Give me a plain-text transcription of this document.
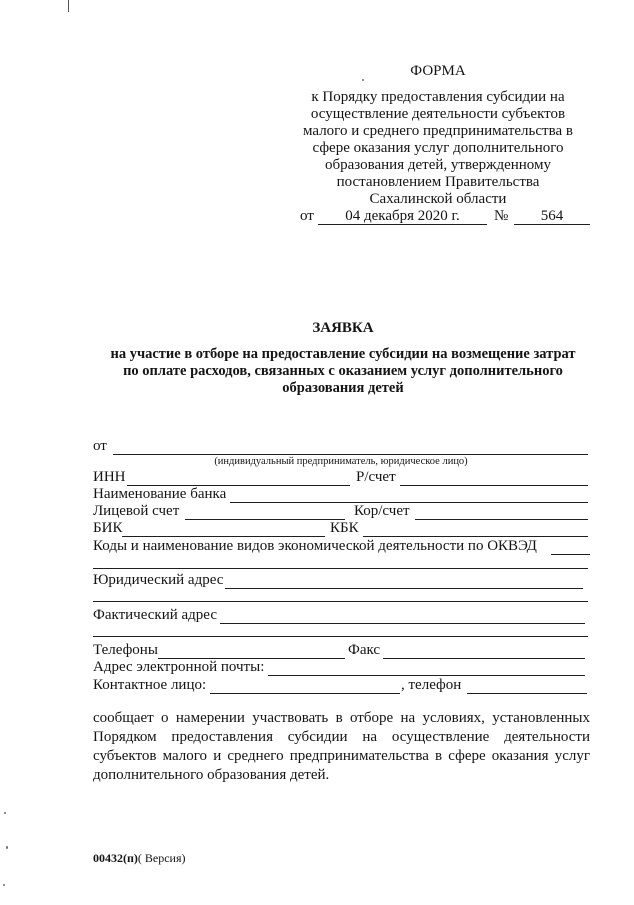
ФОРМА
к Порядку предоставления субсидии на
осуществление деятельности субъектов
малого и среднего предпринимательства в
сфере оказания услуг дополнительного
образования детей, утвержденному
постановлением Правительства
Сахалинской области
от	04 декабря 2020 г.	№	564
ЗАЯВКА
на участие в отборе на предоставление субсидии на возмещение затрат
по оплате расходов, связанных с оказанием услуг дополнительного
образования детей
от
(индивидуальный предприниматель, юридическое лицо)
ИНН	Р/счет
Наименование банка
Лицевой счет	Кор/счет
БИК	КБК
Коды и наименование видов экономической деятельности по ОКВЭД
Юридический адрес
Фактический адрес
Телефоны	Факс
Адрес электронной почты:
Контактное лицо:	, телефон
сообщает о намерении участвовать в отборе на условиях, установленных
Порядком предоставления субсидии на осуществление деятельности
субъектов малого и среднего предпринимательства в сфере оказания услуг
дополнительного образования детей.
00432(п)( Версия)
